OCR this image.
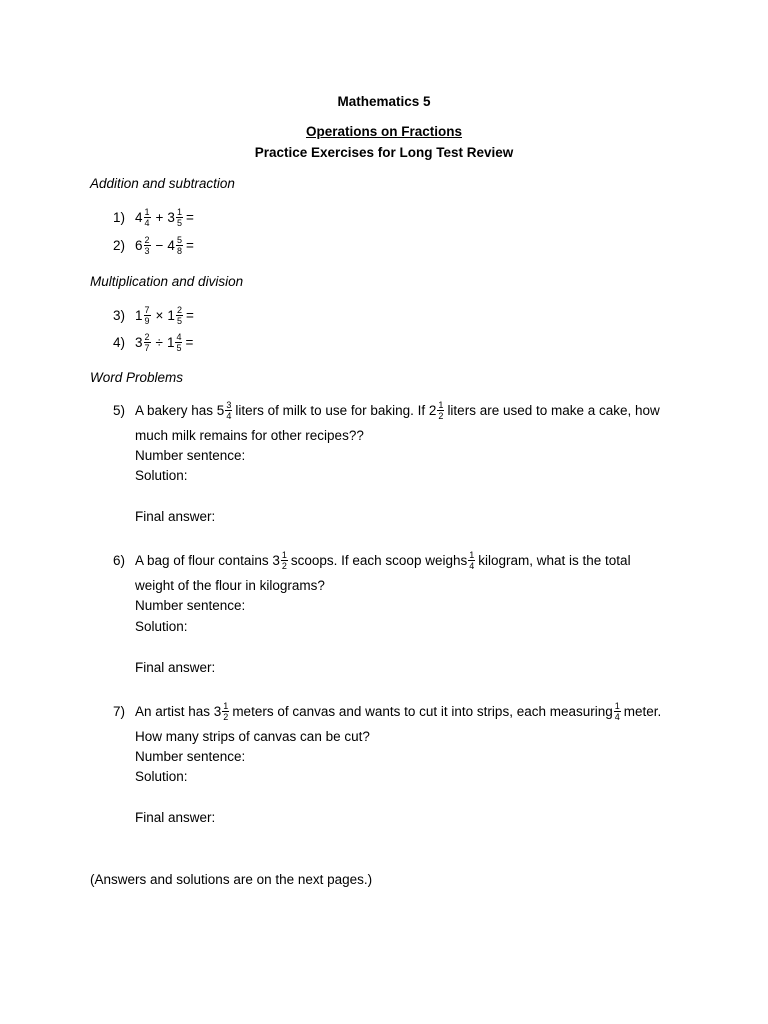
Mathematics 5
Operations on Fractions
Practice Exercises for Long Test Review
Addition and subtraction
1) $4 \frac{1}{4} + 3 \frac{1}{5}$ =
2) $6 \frac{2}{3} - 4 \frac{5}{8}$ =
Multiplication and division
3) $1 \frac{7}{9} \times 1 \frac{2}{5}$ =
4) $3 \frac{2}{7} \div 1 \frac{4}{5}$ =
Word Problems
5) A bakery has $5 \frac{3}{4}$ liters of milk to use for baking. If $2 \frac{1}{2}$ liters are used to make a cake, how
much milk remains for other recipes??
Number sentence:
Solution:
Final answer:
6) A bag of flour contains $3 \frac{1}{2}$ scoops. If each scoop weighs $\frac{1}{4}$ kilogram, what is the total
weight of the flour in kilograms?
Number sentence:
Solution:
Final answer:
7) An artist has $3 \frac{1}{2}$ meters of canvas and wants to cut it into strips, each measuring $\frac{1}{4}$ meter.
How many strips of canvas can be cut?
Number sentence:
Solution:
Final answer:
(Answers and solutions are on the next pages.)
